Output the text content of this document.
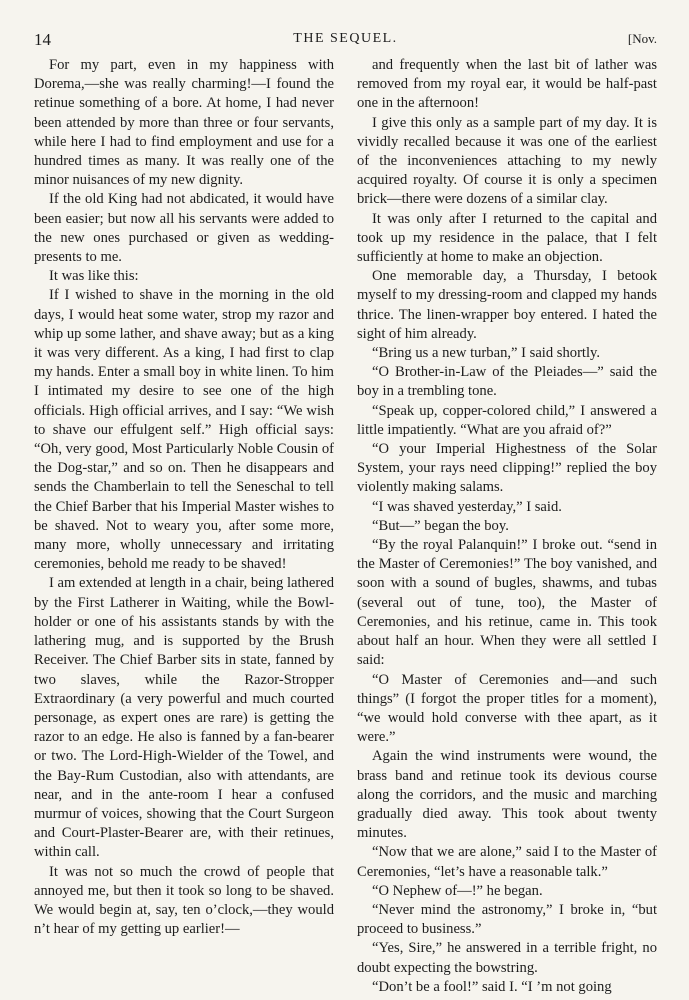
14	THE SEQUEL.	[Nov.

For my part, even in my happiness with Dorema,—she was really charming!—I found the retinue something of a bore. At home, I had never been attended by more than three or four servants, while here I had to find employment and use for a hundred times as many. It was really one of the minor nuisances of my new dignity.

If the old King had not abdicated, it would have been easier; but now all his servants were added to the new ones purchased or given as wedding-presents to me.

It was like this:

If I wished to shave in the morning in the old days, I would heat some water, strop my razor and whip up some lather, and shave away; but as a king it was very different. As a king, I had first to clap my hands. Enter a small boy in white linen. To him I intimated my desire to see one of the high officials. High official arrives, and I say: “We wish to shave our effulgent self.” High official says: “Oh, very good, Most Particularly Noble Cousin of the Dog-star,” and so on. Then he disappears and sends the Chamberlain to tell the Seneschal to tell the Chief Barber that his Imperial Master wishes to be shaved. Not to weary you, after some more, many more, wholly unnecessary and irritating ceremonies, behold me ready to be shaved!

I am extended at length in a chair, being lathered by the First Latherer in Waiting, while the Bowl-holder or one of his assistants stands by with the lathering mug, and is supported by the Brush Receiver. The Chief Barber sits in state, fanned by two slaves, while the Razor-Stropper Extraordinary (a very powerful and much courted personage, as expert ones are rare) is getting the razor to an edge. He also is fanned by a fan-bearer or two. The Lord-High-Wielder of the Towel, and the Bay-Rum Custodian, also with attendants, are near, and in the ante-room I hear a confused murmur of voices, showing that the Court Surgeon and Court-Plaster-Bearer are, with their retinues, within call.

It was not so much the crowd of people that annoyed me, but then it took so long to be shaved. We would begin at, say, ten o’clock,—they would n’t hear of my getting up earlier!—

and frequently when the last bit of lather was removed from my royal ear, it would be half-past one in the afternoon!

I give this only as a sample part of my day. It is vividly recalled because it was one of the earliest of the inconveniences attaching to my newly acquired royalty. Of course it is only a specimen brick—there were dozens of a similar clay.

It was only after I returned to the capital and took up my residence in the palace, that I felt sufficiently at home to make an objection.

One memorable day, a Thursday, I betook myself to my dressing-room and clapped my hands thrice. The linen-wrapper boy entered. I hated the sight of him already.

“Bring us a new turban,” I said shortly.

“O Brother-in-Law of the Pleiades—” said the boy in a trembling tone.

“Speak up, copper-colored child,” I answered a little impatiently. “What are you afraid of?”

“O your Imperial Highestness of the Solar System, your rays need clipping!” replied the boy violently making salams.

“I was shaved yesterday,” I said.

“But—” began the boy.

“By the royal Palanquin!” I broke out. “send in the Master of Ceremonies!” The boy vanished, and soon with a sound of bugles, shawms, and tubas (several out of tune, too), the Master of Ceremonies, and his retinue, came in. This took about half an hour. When they were all settled I said:

“O Master of Ceremonies and—and such things” (I forgot the proper titles for a moment), “we would hold converse with thee apart, as it were.”

Again the wind instruments were wound, the brass band and retinue took its devious course along the corridors, and the music and marching gradually died away. This took about twenty minutes.

“Now that we are alone,” said I to the Master of Ceremonies, “let’s have a reasonable talk.”

“O Nephew of—!” he began.

“Never mind the astronomy,” I broke in, “but proceed to business.”

“Yes, Sire,” he answered in a terrible fright, no doubt expecting the bowstring.

“Don’t be a fool!” said I. “I ’m not going
